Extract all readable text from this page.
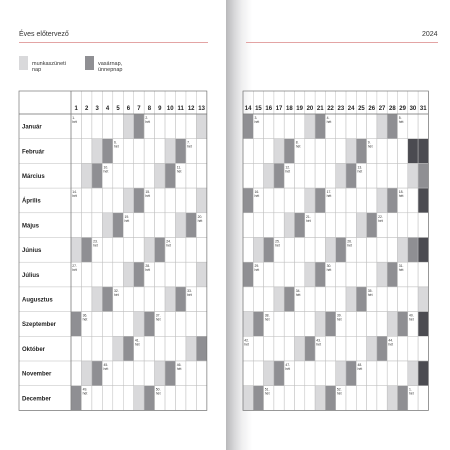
Éves előtervező
munkaszüneti
nap
vasárnap,
ünnepnap
Január
1.
hét
2.
hét
Február
6.
hét
7.
hét
Március
10.
hét
11.
hét
Április
14.
hét
15.
hét
Május
19.
hét
20.
hét
Június
23.
hét
24.
hét
Július
27.
hét
28.
hét
Augusztus
32.
hét
33.
hét
Szeptember
36.
hét
37.
hét
Október
41.
hét
November
45.
hét
46.
hét
December
49.
hét
50.
hét
1 2 3 4 5 6 7 8 9 10 11 12 13
2024
3.
hét
4.
hét
5.
hét
8.
hét
9.
hét
12.
hét
13.
hét
16.
hét
17.
hét
18.
hét
21.
hét
22.
hét
25.
hét
26.
hét
29.
hét
30.
hét
31.
hét
34.
hét
35.
hét
38.
hét
39.
hét
40.
hét
42.
hét
43.
hét
44.
hét
47.
hét
48.
hét
51.
hét
52.
hét
1.
hét
14 15 16 17 18 19 20 21 22 23 24 25 26 27 28 29 30 31
